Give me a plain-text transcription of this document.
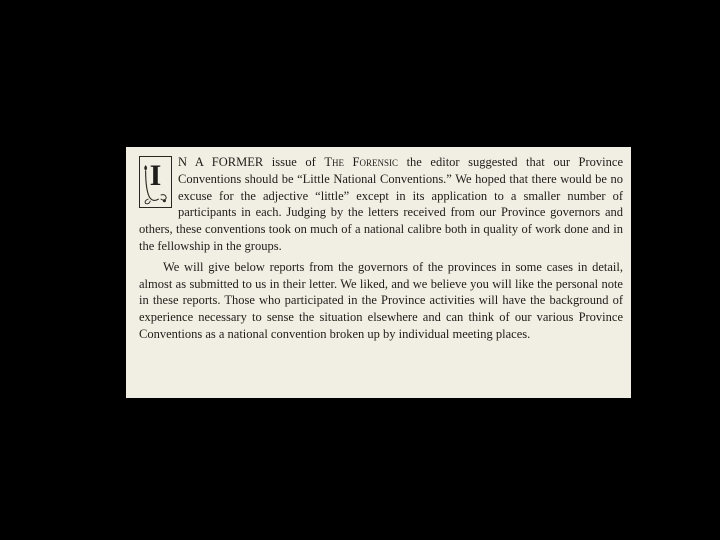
I	N A FORMER issue of The Forensic the editor suggested that our Province Conventions should be “Little National Conventions.” We hoped that there would be no excuse for the adjective “little” except in its application to a smaller number of participants in each. Judging by the letters received from our Province governors and others, these conventions took on much of a national calibre both in quality of work done and in the fellowship in the groups.

We will give below reports from the governors of the provinces in some cases in detail, almost as submitted to us in their letter. We liked, and we believe you will like the personal note in these reports. Those who participated in the Province activities will have the background of experience necessary to sense the situation elsewhere and can think of our various Province Conventions as a national convention broken up by individual meeting places.
